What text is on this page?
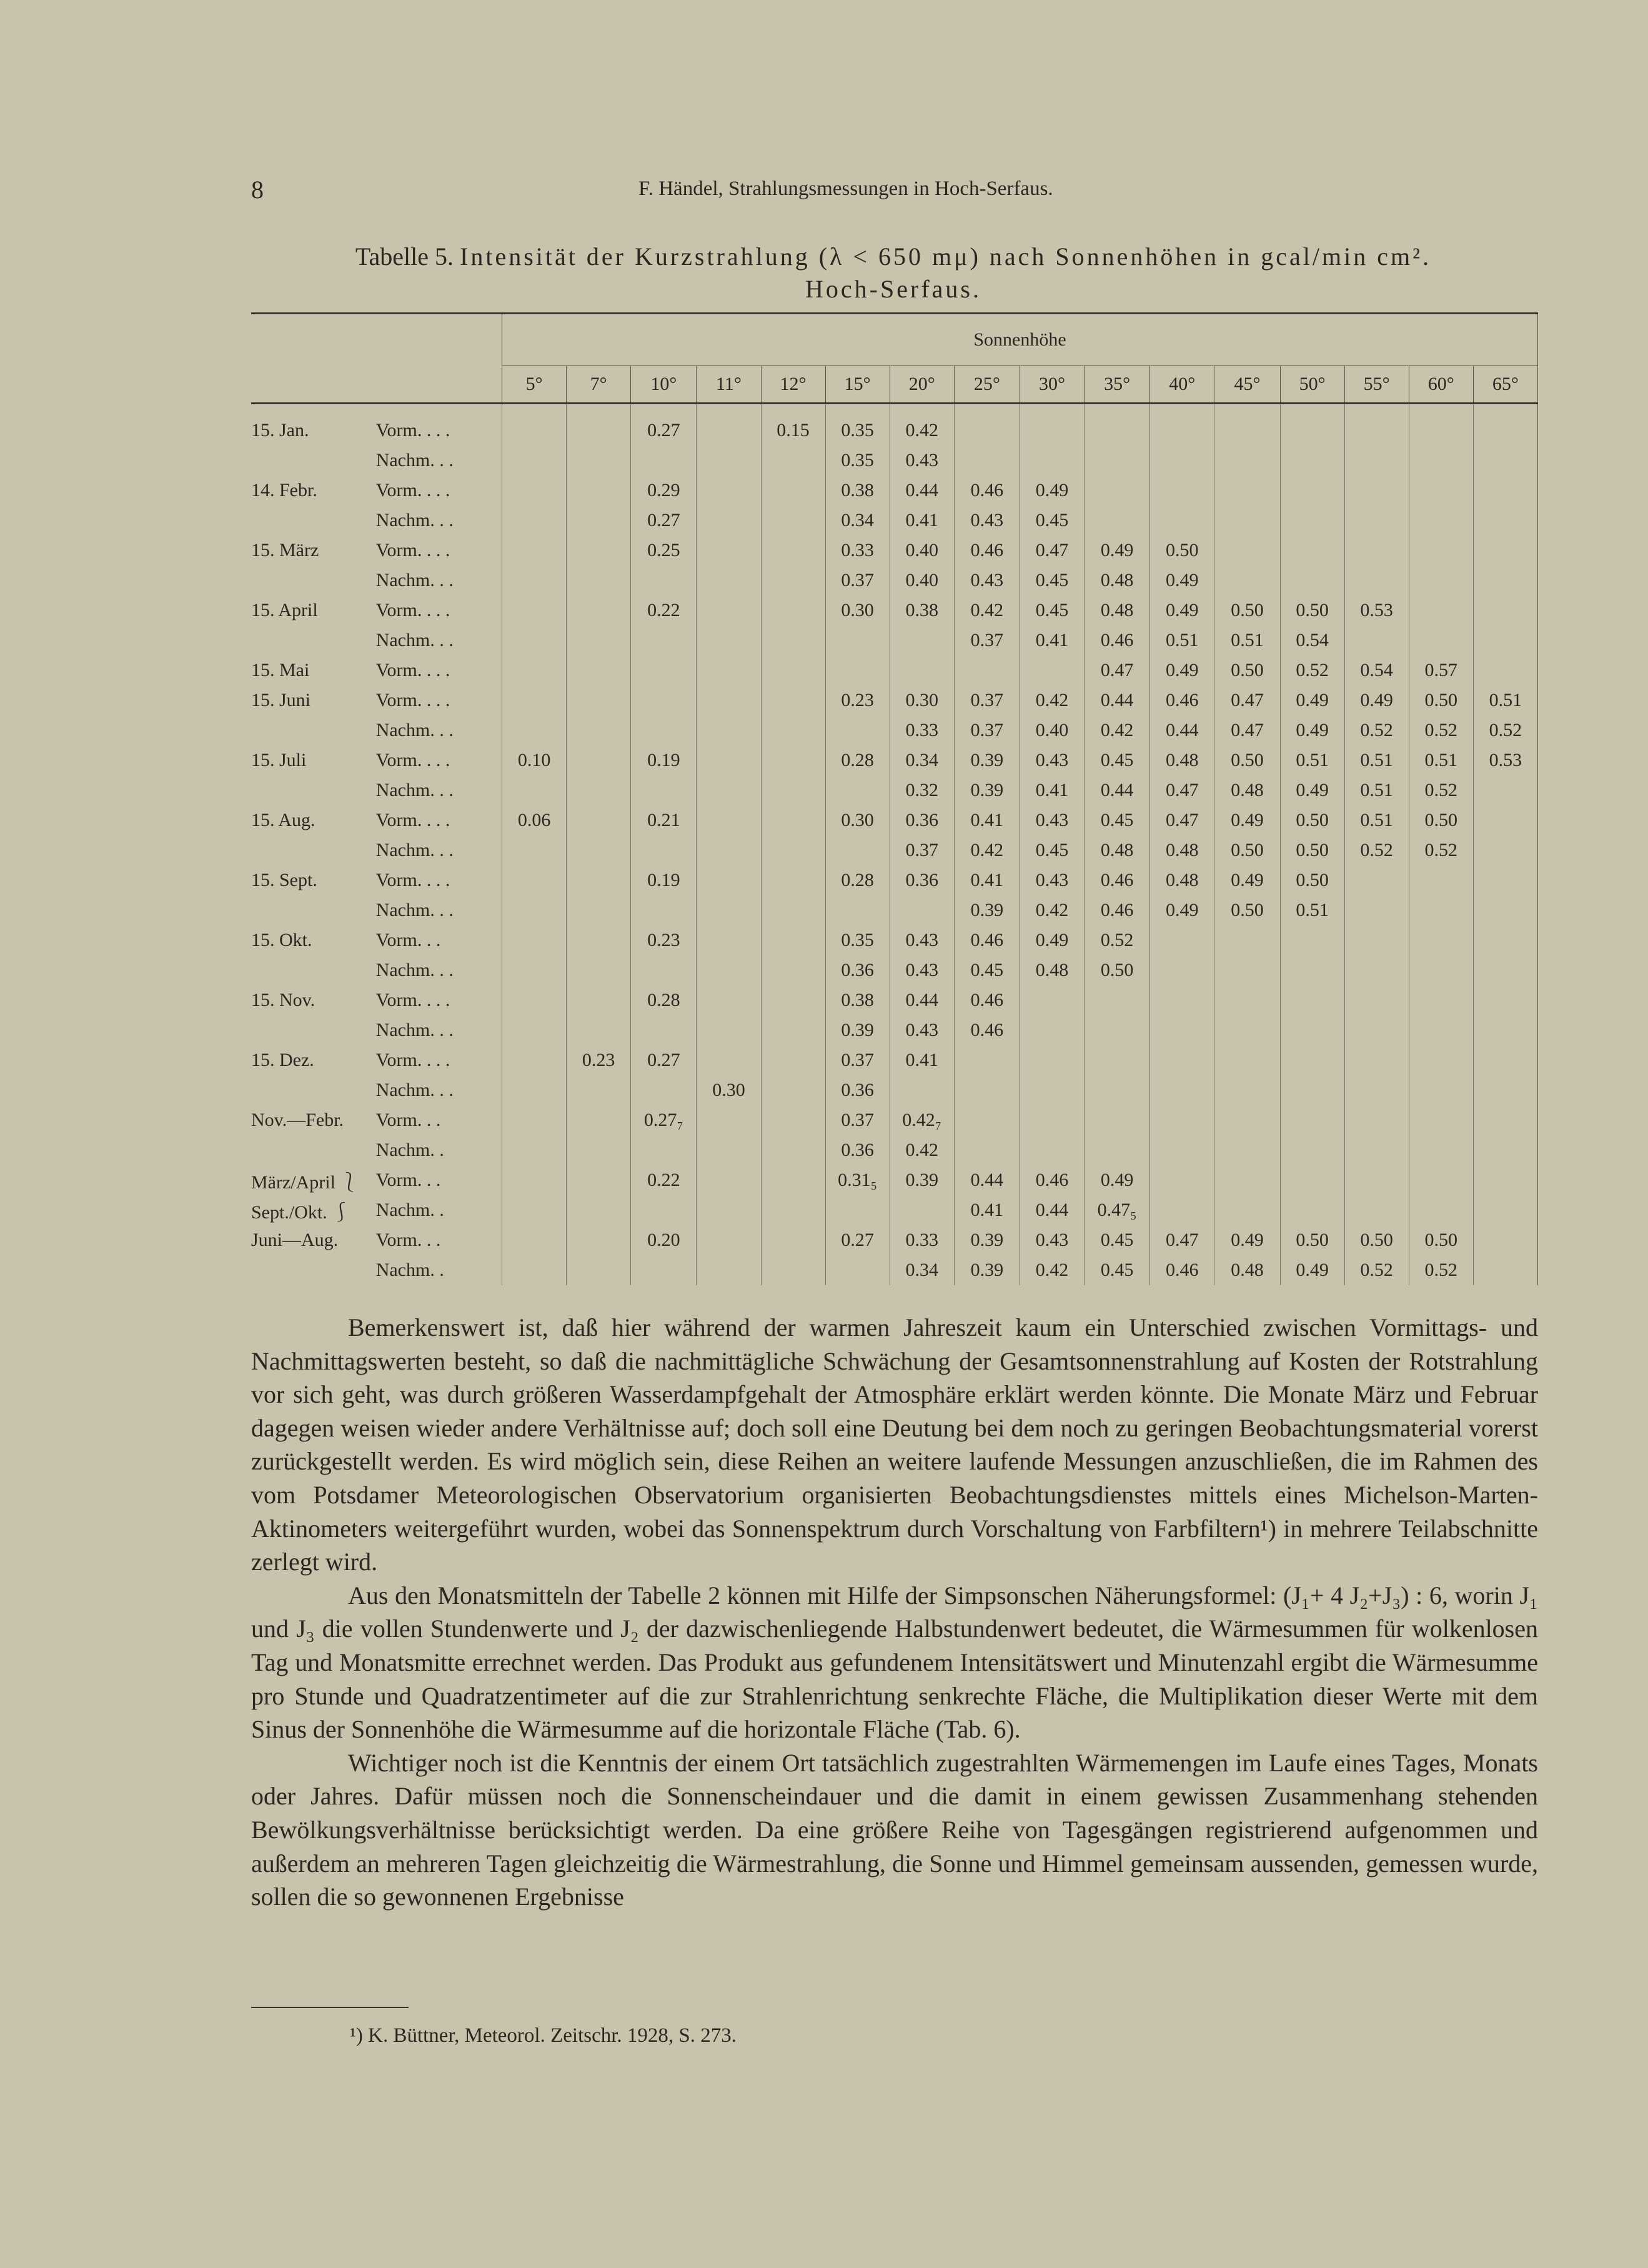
8	F. Händel, Strahlungsmessungen in Hoch-Serfaus.
Tabelle 5. Intensität der Kurzstrahlung (λ < 650 mμ) nach Sonnenhöhen in gcal/min cm².
Hoch-Serfaus.
		Sonnenhöhe															
		5°	7°	10°	11°	12°	15°	20°	25°	30°	35°	40°	45°	50°	55°	60°	65°
15. Jan.	Vorm. . . .			0.27		0.15	0.35	0.42									
	Nachm. . .						0.35	0.43									
14. Febr.	Vorm. . . .			0.29			0.38	0.44	0.46	0.49							
	Nachm. . .			0.27			0.34	0.41	0.43	0.45							
15. März	Vorm. . . .			0.25			0.33	0.40	0.46	0.47	0.49	0.50					
	Nachm. . .						0.37	0.40	0.43	0.45	0.48	0.49					
15. April	Vorm. . . .			0.22			0.30	0.38	0.42	0.45	0.48	0.49	0.50	0.50	0.53		
	Nachm. . .								0.37	0.41	0.46	0.51	0.51	0.54			
15. Mai	Vorm. . . .										0.47	0.49	0.50	0.52	0.54	0.57	
15. Juni	Vorm. . . .						0.23	0.30	0.37	0.42	0.44	0.46	0.47	0.49	0.49	0.50	0.51
	Nachm. . .							0.33	0.37	0.40	0.42	0.44	0.47	0.49	0.52	0.52	0.52
15. Juli	Vorm. . . .	0.10		0.19			0.28	0.34	0.39	0.43	0.45	0.48	0.50	0.51	0.51	0.51	0.53
	Nachm. . .							0.32	0.39	0.41	0.44	0.47	0.48	0.49	0.51	0.52	
15. Aug.	Vorm. . . .	0.06		0.21			0.30	0.36	0.41	0.43	0.45	0.47	0.49	0.50	0.51	0.50	
	Nachm. . .							0.37	0.42	0.45	0.48	0.48	0.50	0.50	0.52	0.52	
15. Sept.	Vorm. . . .			0.19			0.28	0.36	0.41	0.43	0.46	0.48	0.49	0.50			
	Nachm. . .								0.39	0.42	0.46	0.49	0.50	0.51			
15. Okt.	Vorm. . .			0.23			0.35	0.43	0.46	0.49	0.52						
	Nachm. . .						0.36	0.43	0.45	0.48	0.50						
15. Nov.	Vorm. . . .			0.28			0.38	0.44	0.46								
	Nachm. . .						0.39	0.43	0.46								
15. Dez.	Vorm. . . .		0.23	0.27			0.37	0.41									
	Nachm. . .				0.30		0.36										
Nov.—Febr.	Vorm. . .			0.27₇			0.37	0.42₇									
	Nachm. .						0.36	0.42									
März/April ⎱	Vorm. . .			0.22			0.31₅	0.39	0.44	0.46	0.49						
Sept./Okt. ⎰	Nachm. .								0.41	0.44	0.47₅						
Juni—Aug.	Vorm. . .			0.20			0.27	0.33	0.39	0.43	0.45	0.47	0.49	0.50	0.50	0.50	
	Nachm. .							0.34	0.39	0.42	0.45	0.46	0.48	0.49	0.52	0.52	

Bemerkenswert ist, daß hier während der warmen Jahreszeit kaum ein Unterschied zwischen Vormittags- und Nachmittagswerten besteht, so daß die nachmittägliche Schwächung der Gesamtsonnenstrahlung auf Kosten der Rotstrahlung vor sich geht, was durch größeren Wasserdampfgehalt der Atmosphäre erklärt werden könnte. Die Monate März und Februar dagegen weisen wieder andere Verhältnisse auf; doch soll eine Deutung bei dem noch zu geringen Beobachtungsmaterial vorerst zurückgestellt werden. Es wird möglich sein, diese Reihen an weitere laufende Messungen anzuschließen, die im Rahmen des vom Potsdamer Meteorologischen Observatorium organisierten Beobachtungsdienstes mittels eines Michelson-Marten-Aktinometers weitergeführt wurden, wobei das Sonnenspektrum durch Vorschaltung von Farbfiltern¹) in mehrere Teilabschnitte zerlegt wird.

Aus den Monatsmitteln der Tabelle 2 können mit Hilfe der Simpsonschen Näherungsformel: (J₁+ 4 J₂+J₃) : 6, worin J₁ und J₃ die vollen Stundenwerte und J₂ der dazwischenliegende Halbstundenwert bedeutet, die Wärmesummen für wolkenlosen Tag und Monatsmitte errechnet werden. Das Produkt aus gefundenem Intensitätswert und Minutenzahl ergibt die Wärmesumme pro Stunde und Quadratzentimeter auf die zur Strahlenrichtung senkrechte Fläche, die Multiplikation dieser Werte mit dem Sinus der Sonnenhöhe die Wärmesumme auf die horizontale Fläche (Tab. 6).

Wichtiger noch ist die Kenntnis der einem Ort tatsächlich zugestrahlten Wärmemengen im Laufe eines Tages, Monats oder Jahres. Dafür müssen noch die Sonnenscheindauer und die damit in einem gewissen Zusammenhang stehenden Bewölkungsverhältnisse berücksichtigt werden. Da eine größere Reihe von Tagesgängen registrierend aufgenommen und außerdem an mehreren Tagen gleichzeitig die Wärmestrahlung, die Sonne und Himmel gemeinsam aussenden, gemessen wurde, sollen die so gewonnenen Ergebnisse

¹) K. Büttner, Meteorol. Zeitschr. 1928, S. 273.
